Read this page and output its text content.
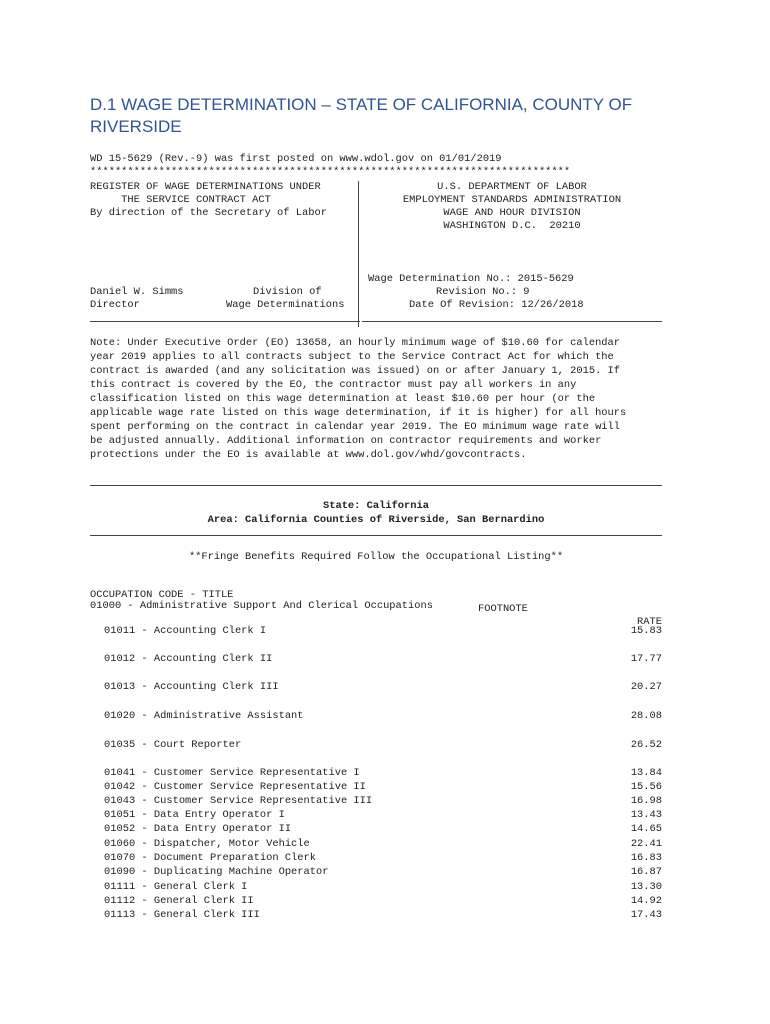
D.1 WAGE DETERMINATION – STATE OF CALIFORNIA, COUNTY OF RIVERSIDE
WD 15-5629 (Rev.-9) was first posted on www.wdol.gov on 01/01/2019
*****************************************************************************
REGISTER OF WAGE DETERMINATIONS UNDER
THE SERVICE CONTRACT ACT
By direction of the Secretary of Labor
Daniel W. Simms
Director
Division of
Wage Determinations
U.S. DEPARTMENT OF LABOR
EMPLOYMENT STANDARDS ADMINISTRATION
WAGE AND HOUR DIVISION
WASHINGTON D.C.  20210
Wage Determination No.: 2015-5629
Revision No.: 9
Date Of Revision: 12/26/2018
Note: Under Executive Order (EO) 13658, an hourly minimum wage of $10.60 for calendar
year 2019 applies to all contracts subject to the Service Contract Act for which the
contract is awarded (and any solicitation was issued) on or after January 1, 2015. If
this contract is covered by the EO, the contractor must pay all workers in any
classification listed on this wage determination at least $10.60 per hour (or the
applicable wage rate listed on this wage determination, if it is higher) for all hours
spent performing on the contract in calendar year 2019. The EO minimum wage rate will
be adjusted annually. Additional information on contractor requirements and worker
protections under the EO is available at www.dol.gov/whd/govcontracts.
State: California
Area: California Counties of Riverside, San Bernardino
**Fringe Benefits Required Follow the Occupational Listing**

OCCUPATION CODE - TITLE

FOOTNOTE

RATE

01000 - Administrative Support And Clerical Occupations

01011 - Accounting Clerk I

	15.83

01012 - Accounting Clerk II

	17.77

01013 - Accounting Clerk III

	20.27

01020 - Administrative Assistant

	28.08

01035 - Court Reporter

	26.52

01041 - Customer Service Representative I

	13.84

01042 - Customer Service Representative II

	15.56

01043 - Customer Service Representative III

	16.98

01051 - Data Entry Operator I

	13.43

01052 - Data Entry Operator II

	14.65

01060 - Dispatcher, Motor Vehicle

	22.41

01070 - Document Preparation Clerk

	16.83

01090 - Duplicating Machine Operator

	16.87

01111 - General Clerk I

	13.30

01112 - General Clerk II

	14.92

01113 - General Clerk III

	17.43
